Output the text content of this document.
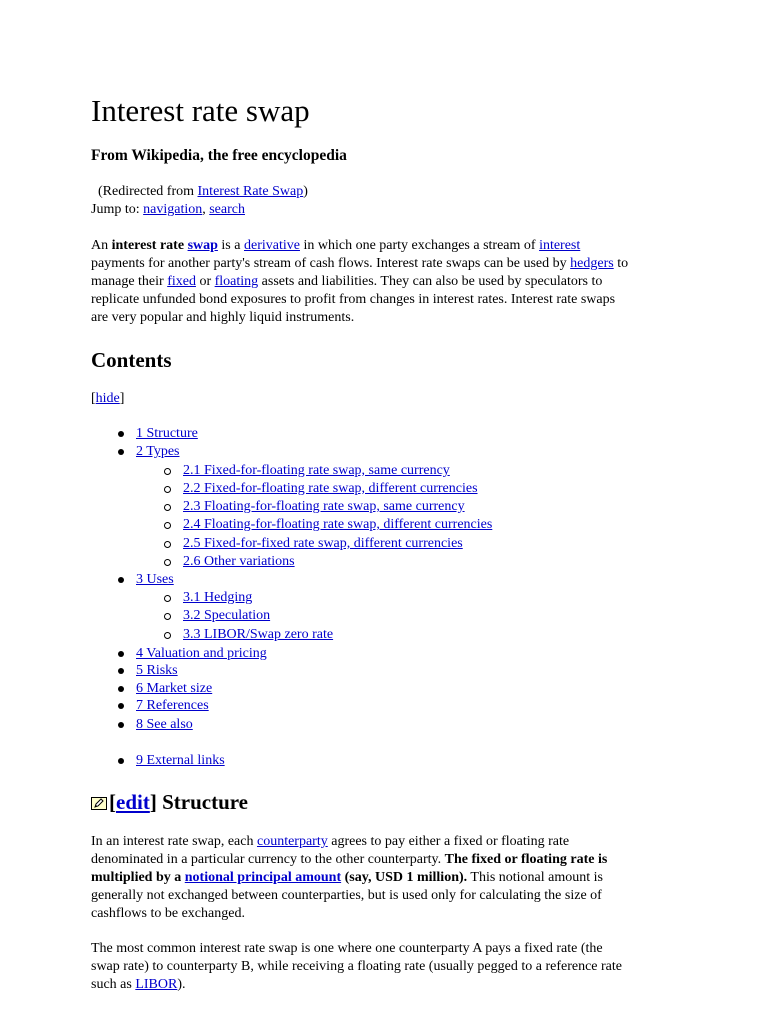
Interest rate swap
From Wikipedia, the free encyclopedia
(Redirected from Interest Rate Swap)
Jump to: navigation, search

An interest rate swap is a derivative in which one party exchanges a stream of interest
payments for another party's stream of cash flows. Interest rate swaps can be used by hedgers to
manage their fixed or floating assets and liabilities. They can also be used by speculators to
replicate unfunded bond exposures to profit from changes in interest rates. Interest rate swaps
are very popular and highly liquid instruments.

Contents
[hide]
1 Structure
2 Types
2.1 Fixed-for-floating rate swap, same currency
2.2 Fixed-for-floating rate swap, different currencies
2.3 Floating-for-floating rate swap, same currency
2.4 Floating-for-floating rate swap, different currencies
2.5 Fixed-for-fixed rate swap, different currencies
2.6 Other variations
3 Uses
3.1 Hedging
3.2 Speculation
3.3 LIBOR/Swap zero rate
4 Valuation and pricing
5 Risks
6 Market size
7 References
8 See also
9 External links
[edit] Structure

In an interest rate swap, each counterparty agrees to pay either a fixed or floating rate
denominated in a particular currency to the other counterparty. The fixed or floating rate is
multiplied by a notional principal amount (say, USD 1 million). This notional amount is
generally not exchanged between counterparties, but is used only for calculating the size of
cashflows to be exchanged.

The most common interest rate swap is one where one counterparty A pays a fixed rate (the
swap rate) to counterparty B, while receiving a floating rate (usually pegged to a reference rate
such as LIBOR).
